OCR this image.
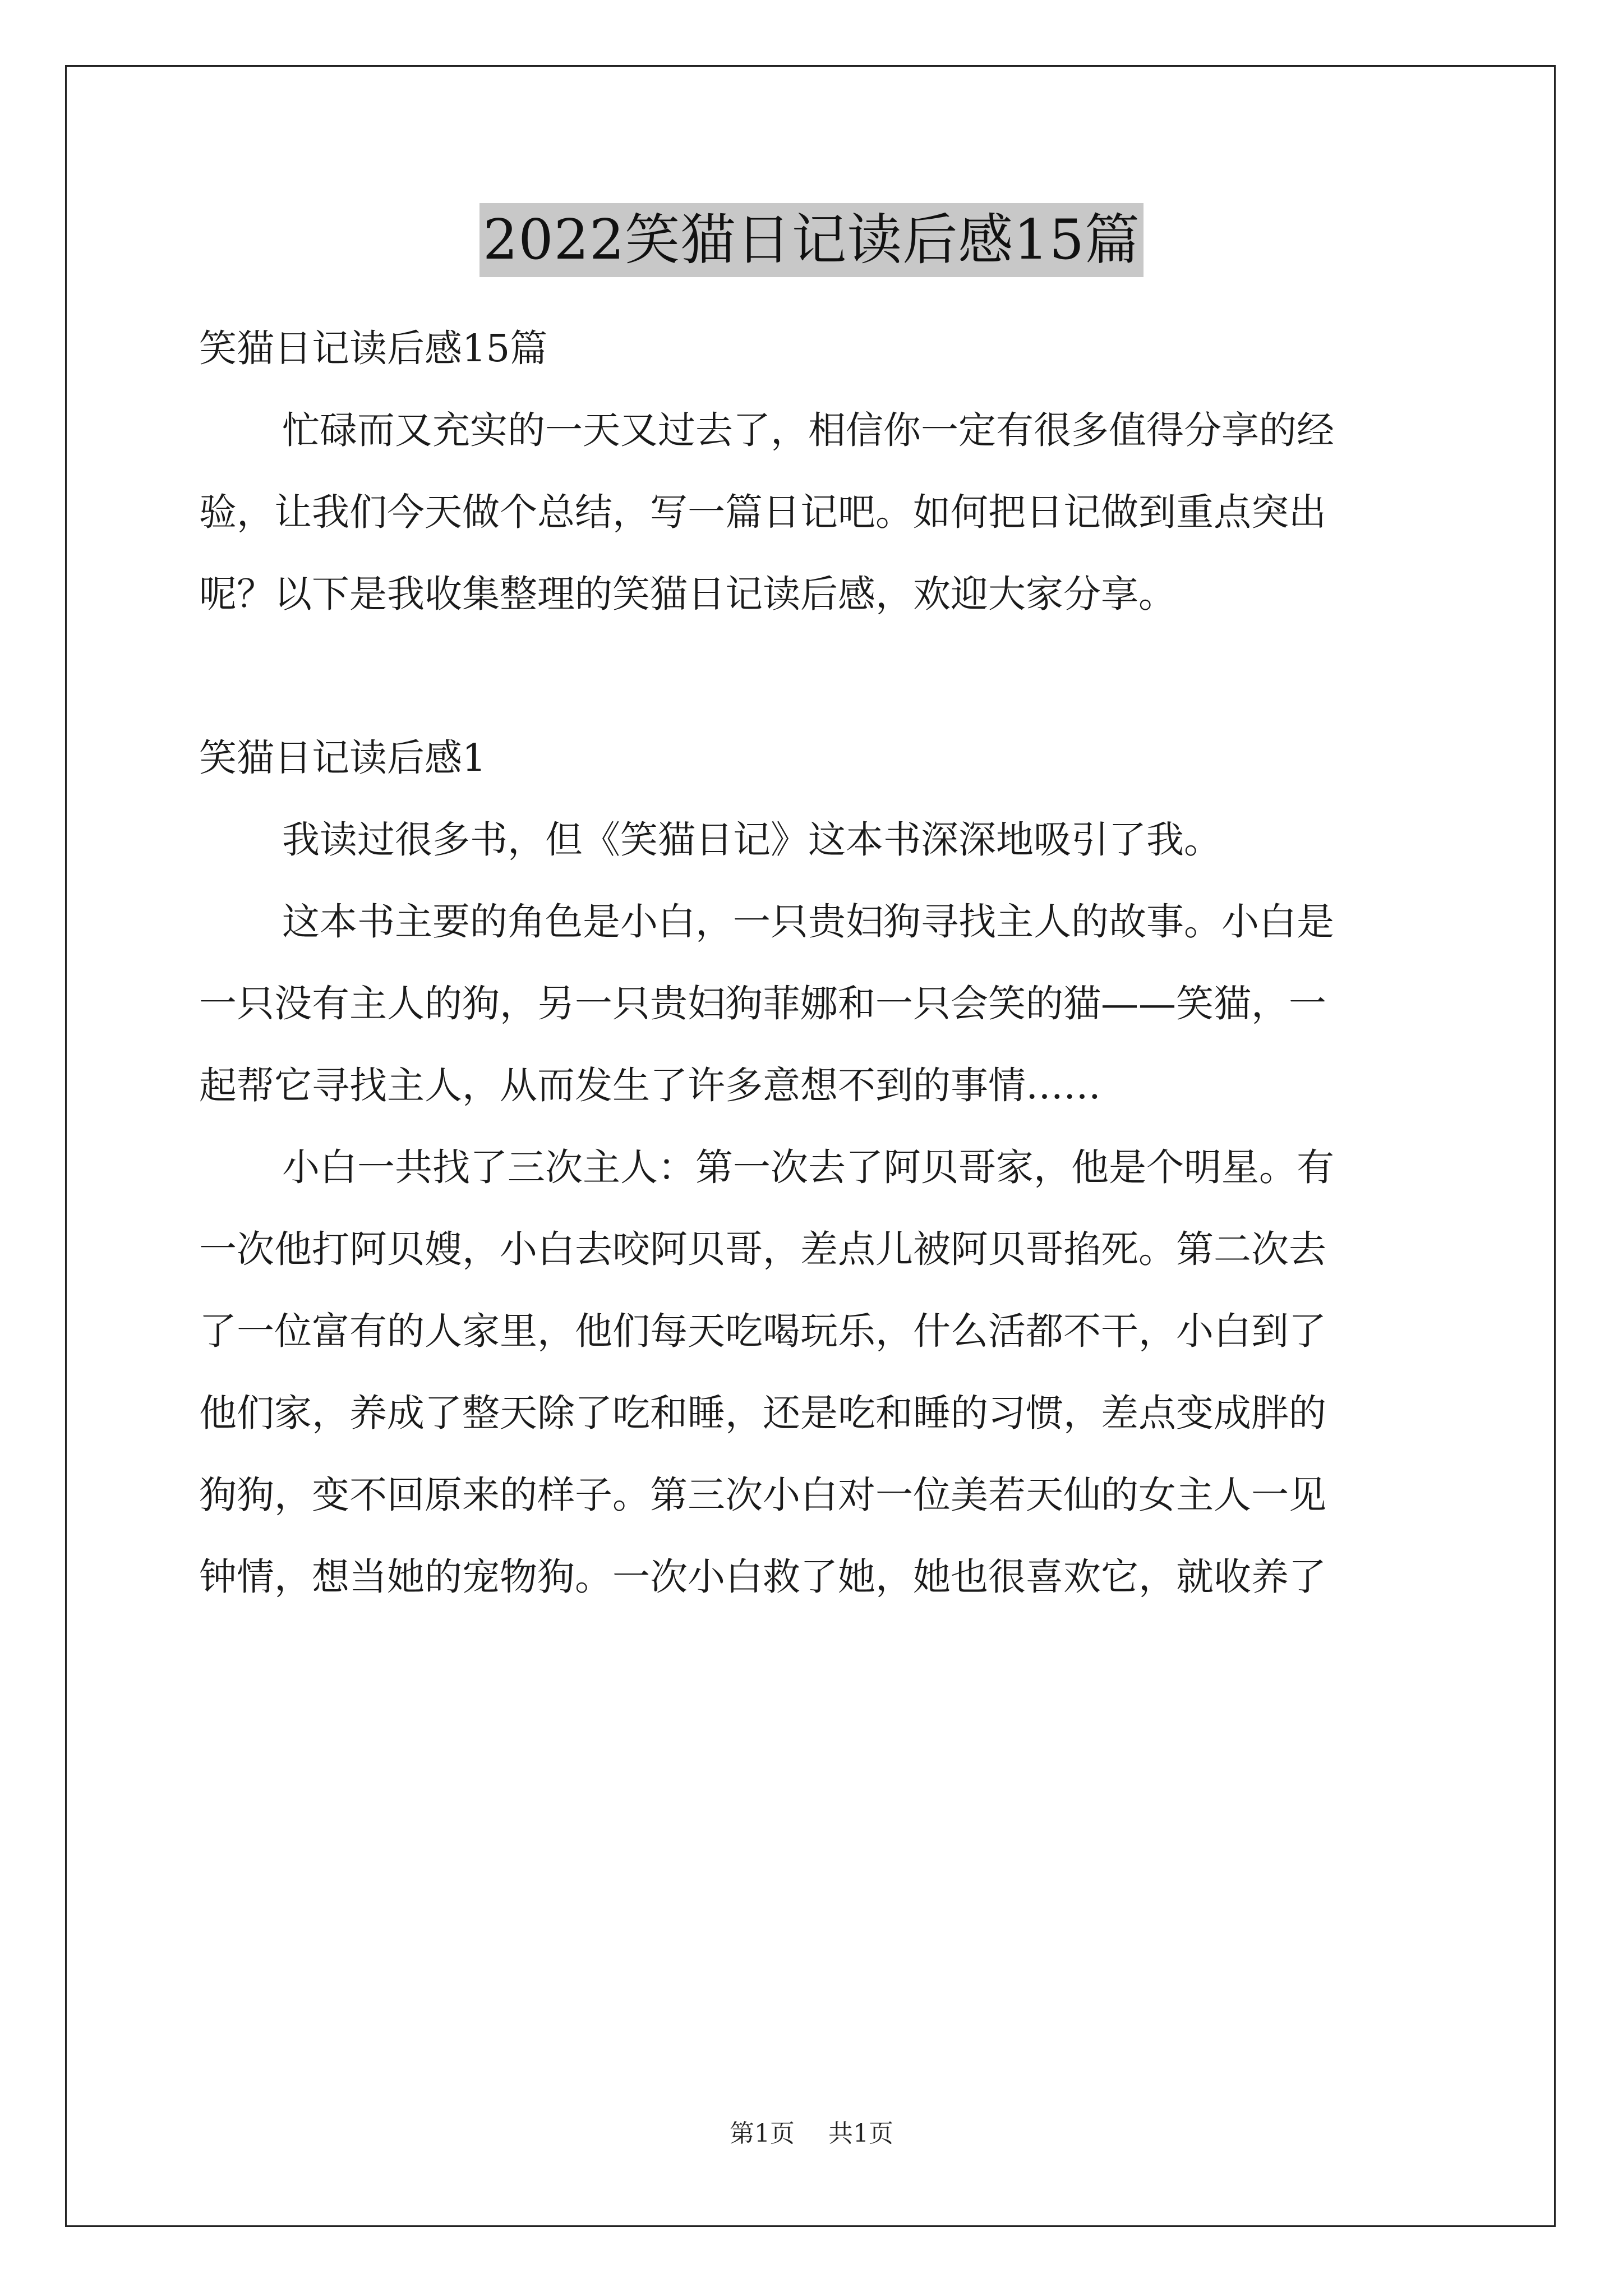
2022笑猫日记读后感15篇
笑猫日记读后感15篇
忙碌而又充实的一天又过去了，相信你一定有很多值得分享的经
验，让我们今天做个总结，写一篇日记吧。如何把日记做到重点突出
呢？以下是我收集整理的笑猫日记读后感，欢迎大家分享。
笑猫日记读后感1
我读过很多书，但《笑猫日记》这本书深深地吸引了我。
这本书主要的角色是小白，一只贵妇狗寻找主人的故事。小白是
一只没有主人的狗，另一只贵妇狗菲娜和一只会笑的猫——笑猫，一
起帮它寻找主人，从而发生了许多意想不到的事情……
小白一共找了三次主人：第一次去了阿贝哥家，他是个明星。有
一次他打阿贝嫂，小白去咬阿贝哥，差点儿被阿贝哥掐死。第二次去
了一位富有的人家里，他们每天吃喝玩乐，什么活都不干，小白到了
他们家，养成了整天除了吃和睡，还是吃和睡的习惯，差点变成胖的
狗狗，变不回原来的样子。第三次小白对一位美若天仙的女主人一见
钟情，想当她的宠物狗。一次小白救了她，她也很喜欢它，就收养了
第1页 共1页
